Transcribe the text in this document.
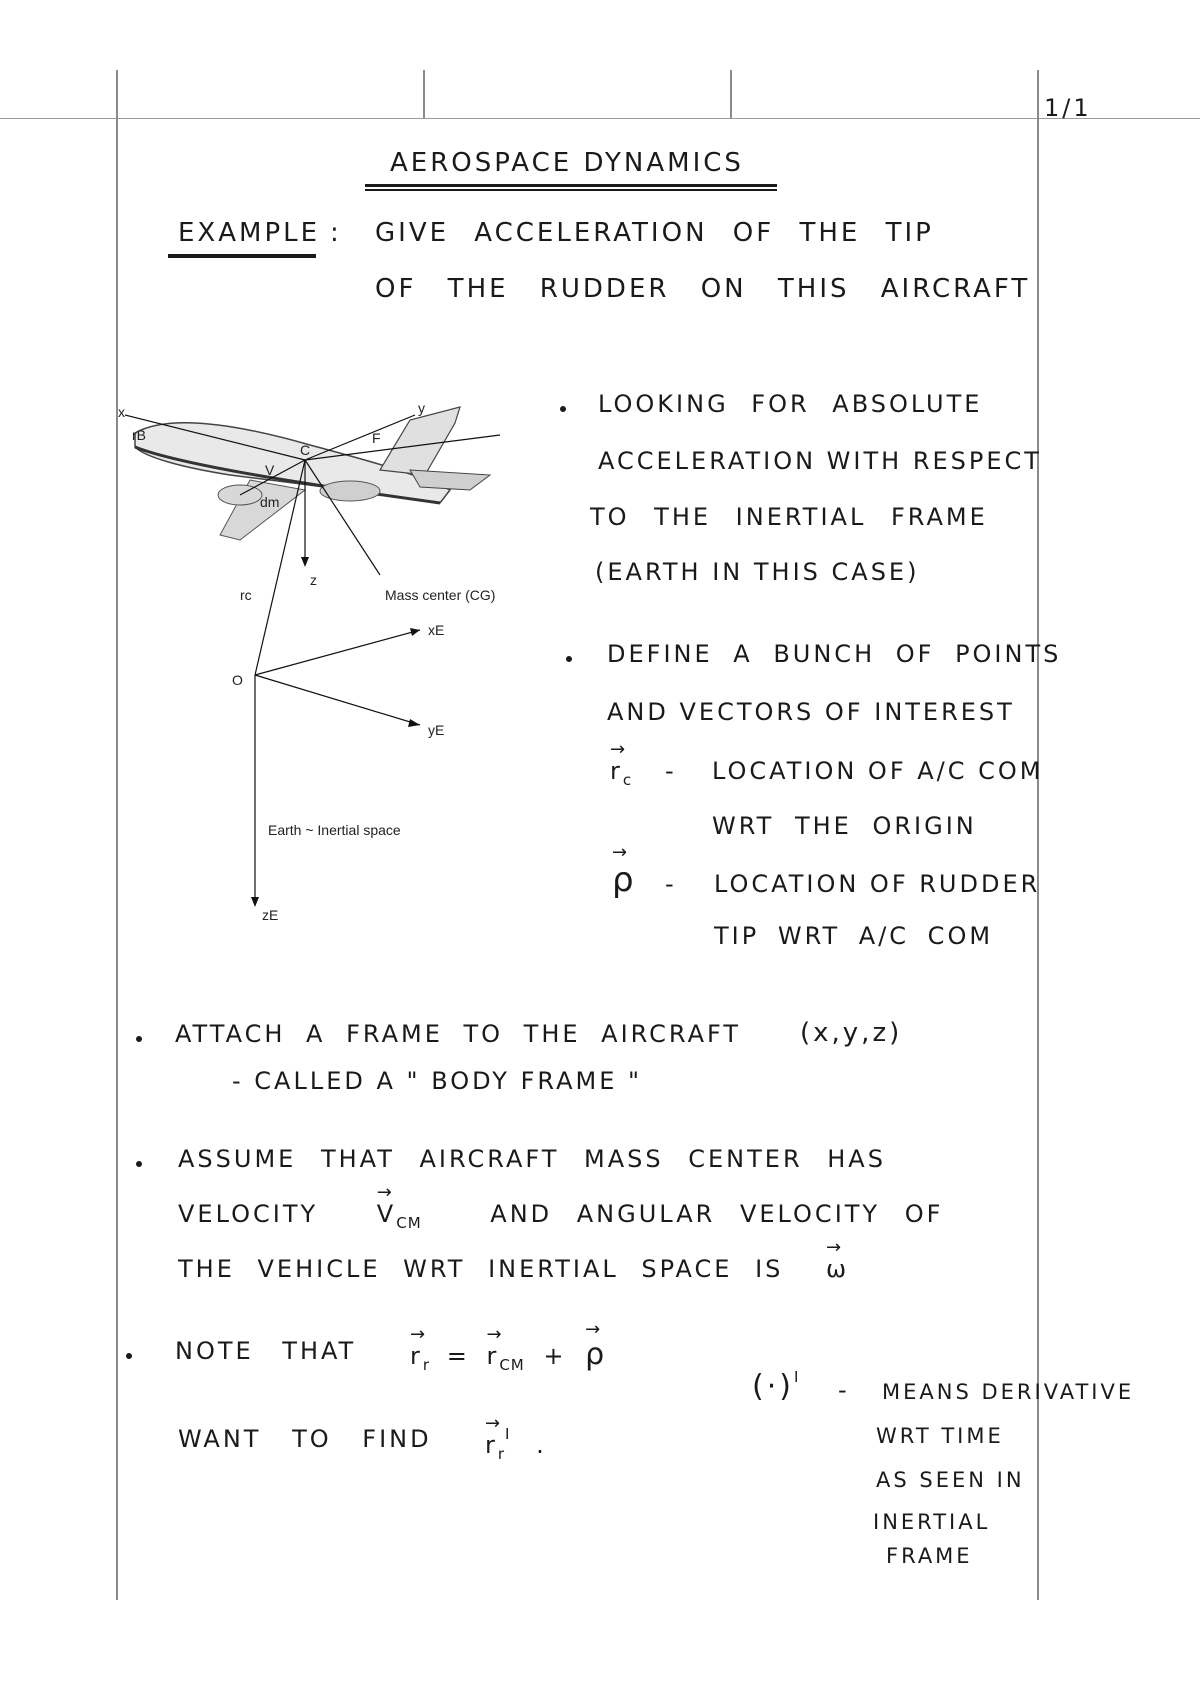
1/1
AEROSPACE DYNAMICS
EXAMPLE : GIVE ACCELERATION OF THE TIP
OF THE RUDDER ON THIS AIRCRAFT
x	y
z
C
F
V
dm
rB
rc	Mass center (CG)
O
xE
yE
zE
Earth ~ Inertial space
LOOKING FOR ABSOLUTE
ACCELERATION WITH RESPECT
TO THE INERTIAL FRAME
(EARTH IN THIS CASE)
DEFINE A BUNCH OF POINTS
AND VECTORS OF INTEREST
→ $r_c$ - LOCATION OF A/C COM
WRT THE ORIGIN
→ ρ - LOCATION OF RUDDER
TIP WRT A/C COM
ATTACH A FRAME TO THE AIRCRAFT (x,y,z)
- CALLED A " BODY FRAME "
ASSUME THAT AIRCRAFT MASS CENTER HAS
VELOCITY → $V_{CM}$	AND ANGULAR VELOCITY OF
THE VEHICLE WRT INERTIAL SPACE IS → ω
NOTE THAT → $r_r$ = → $r_{CM}$ + → ρ
WANT TO FIND → $r_r^I$ .
$(\cdot)^I$ - MEANS DERIVATIVE
WRT TIME
AS SEEN IN
INERTIAL
FRAME
